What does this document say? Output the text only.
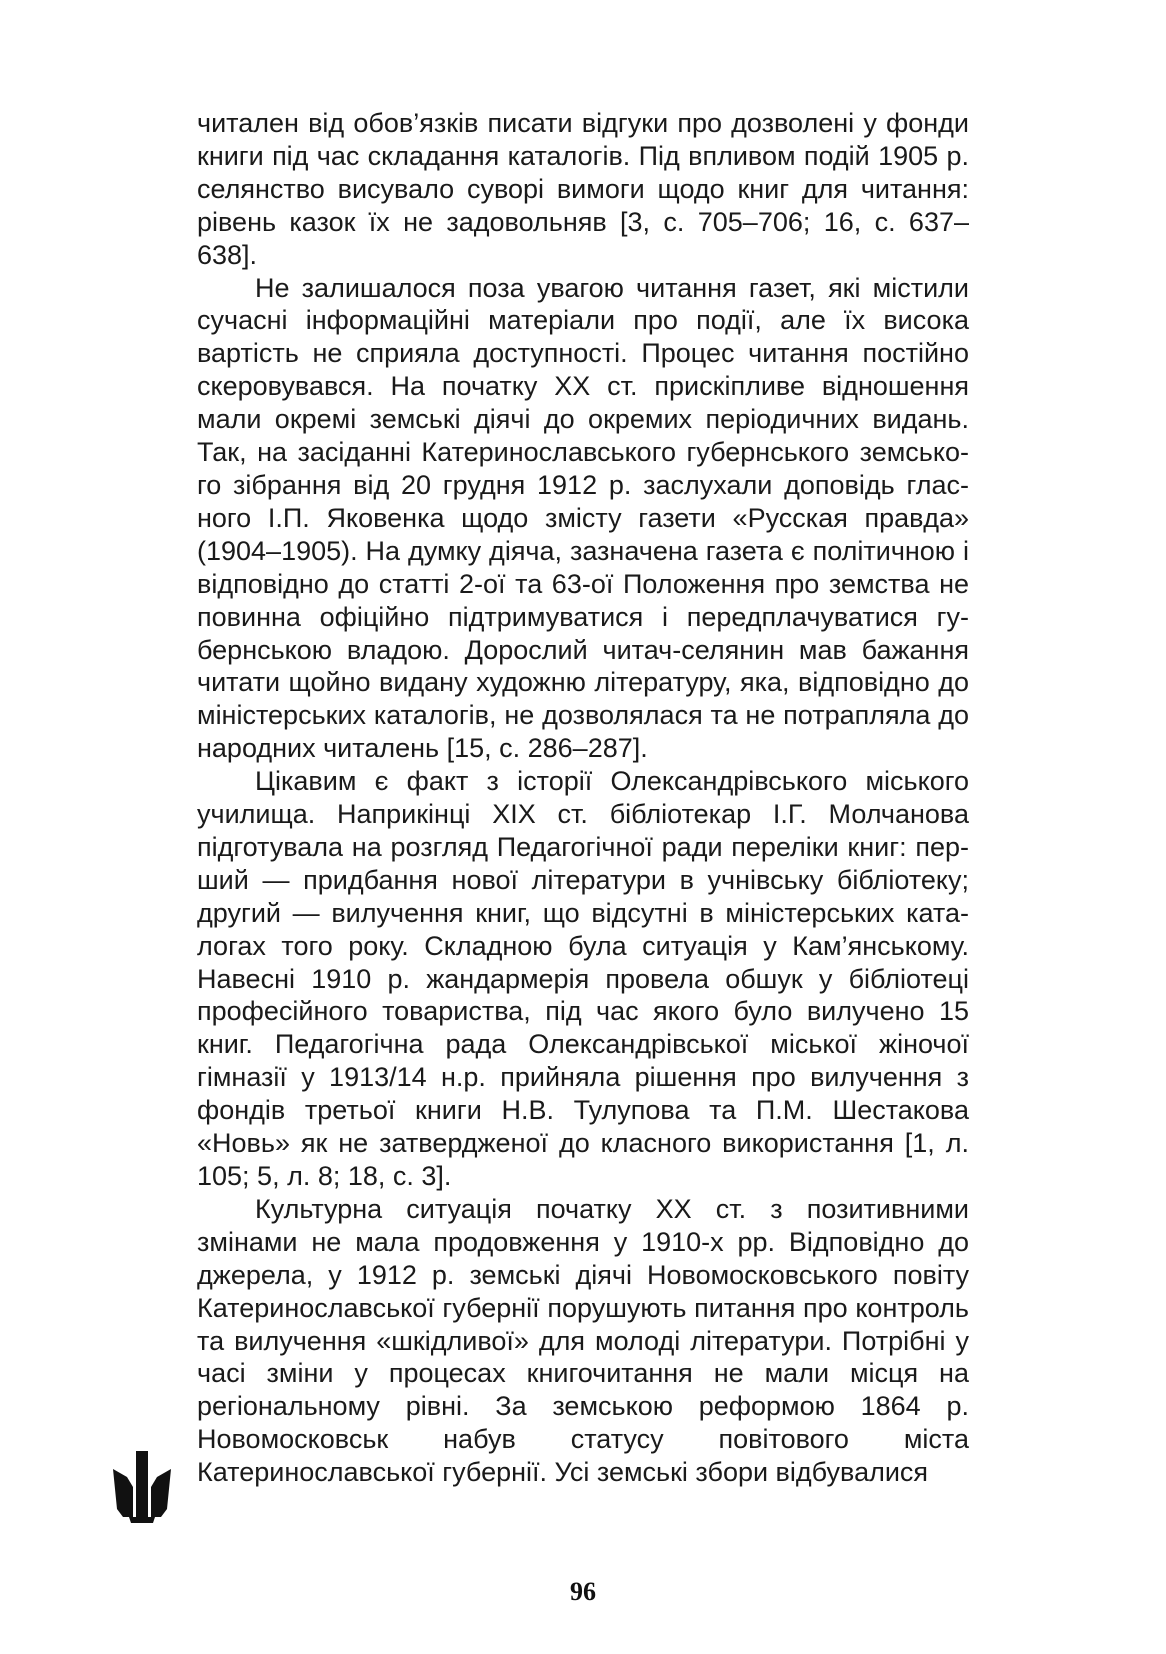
читален від обов’язків писати відгуки про дозволені у фонди книги під час складання каталогів. Під впливом подій 1905 р. селянство висувало суворі вимоги щодо книг для читання: рівень казок їх не задовольняв [3, с. 705–706; 16, с. 637–638].

Не залишалося поза увагою читання газет, які містили сучасні інформаційні матеріали про події, але їх висока вартість не сприяла доступності. Процес читання постійно скеровувався. На початку ХХ ст. прискіпливе відношення мали окремі земські діячі до окремих періодичних видань. Так, на засіданні Катеринославського губернського земського зібрання від 20 грудня 1912 р. заслухали доповідь гласного І.П. Яковенка щодо змісту газети «Русская правда» (1904–1905). На думку діяча, зазначена газета є політичною і відповідно до статті 2-ої та 63-ої Положення про земства не повинна офіційно підтримуватися і передплачуватися губернською владою. Дорослий читач-селянин мав бажання читати щойно видану художню літературу, яка, відповідно до міністерських каталогів, не дозволялася та не потрапляла до народних читалень [15, с. 286–287].

Цікавим є факт з історії Олександрівського міського училища. Наприкінці ХІХ ст. бібліотекар І.Г. Молчанова підготувала на розгляд Педагогічної ради переліки книг: перший — придбання нової літератури в учнівську бібліотеку; другий — вилучення книг, що відсутні в міністерських каталогах того року. Складною була ситуація у Кам’янському. Навесні 1910 р. жандармерія провела обшук у бібліотеці професійного товариства, під час якого було вилучено 15 книг. Педагогічна рада Олександрівської міської жіночої гімназії у 1913/14 н.р. прийняла рішення про вилучення з фондів третьої книги Н.В. Тулупова та П.М. Шестакова «Новь» як не затвердженої до класного використання [1, л. 105; 5, л. 8; 18, с. 3].

Культурна ситуація початку ХХ ст. з позитивними змінами не мала продовження у 1910-х рр. Відповідно до джерела, у 1912 р. земські діячі Новомосковського повіту Катеринославської губернії порушують питання про контроль та вилучення «шкідливої» для молоді літератури. Потрібні у часі зміни у процесах книгочитання не мали місця на регіональному рівні. За земською реформою 1864 р. Новомосковськ набув статусу повітового міста Катеринославської губернії. Усі земські збори відбувалися

96
